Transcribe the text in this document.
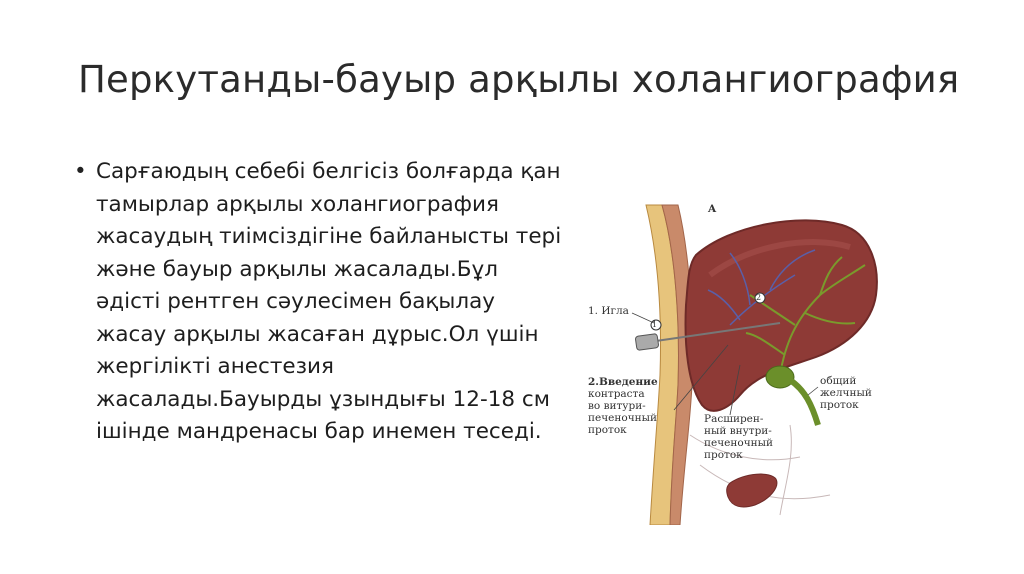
Перкутанды-бауыр арқылы холангиография
• Сарғаюдың себебі белгісіз болғарда қан тамырлар арқылы холангиография жасаудың тиімсіздігіне байланысты тері және бауыр арқылы жасалады.Бұл әдісті рентген сәулесімен бақылау жасау арқылы жасаған дұрыс.Ол үшін жергілікті анестезия жасалады.Бауырды ұзындығы 12-18 см ішінде мандренасы бар инемен теседі.
A
1
2
1. Игла
2.Введение
контраста
во витури-
печеночный
проток
Расширен-
ный внутри-
печеночный
проток
общий
желчный
проток
